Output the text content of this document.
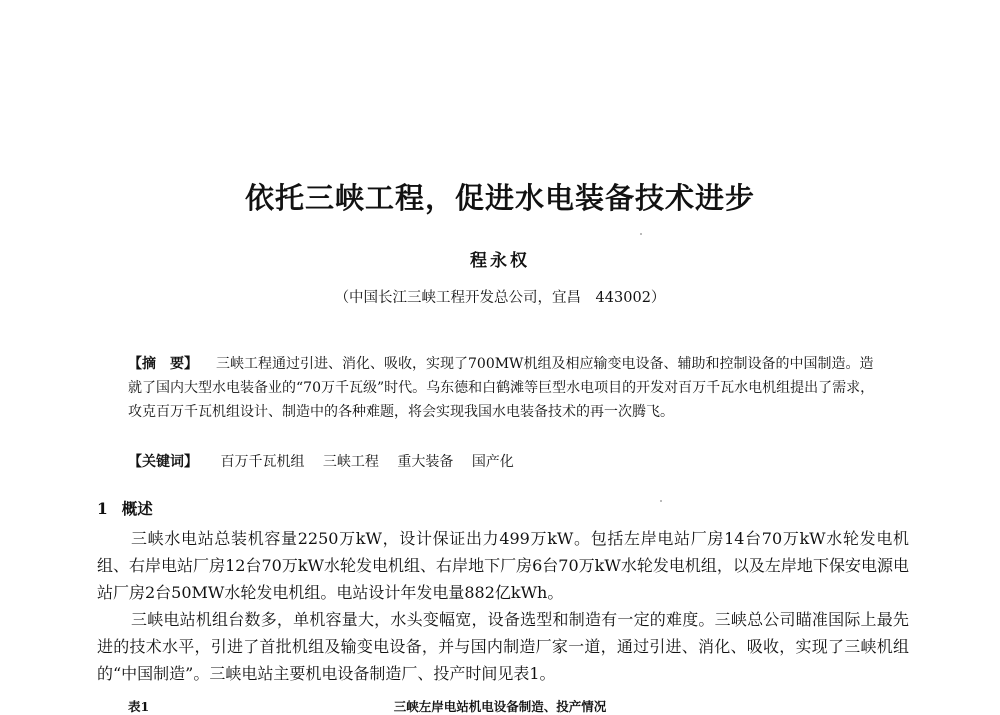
依托三峡工程，促进水电装备技术进步
程永权
（中国长江三峡工程开发总公司，宜昌　443002）
【摘　要】 三峡工程通过引进、消化、吸收，实现了700MW机组及相应输变电设备、辅助和控制设备的中国制造。造就了国内大型水电装备业的“70万千瓦级”时代。乌东德和白鹤滩等巨型水电项目的开发对百万千瓦水电机组提出了需求，攻克百万千瓦机组设计、制造中的各种难题，将会实现我国水电装备技术的再一次腾飞。
【关键词】 百万千瓦机组 三峡工程 重大装备 国产化
1 概述
三峡水电站总装机容量2250万kW，设计保证出力499万kW。包括左岸电站厂房14台70万kW水轮发电机组、右岸电站厂房12台70万kW水轮发电机组、右岸地下厂房6台70万kW水轮发电机组，以及左岸地下保安电源电站厂房2台50MW水轮发电机组。电站设计年发电量882亿kWh。
三峡电站机组台数多，单机容量大，水头变幅宽，设备选型和制造有一定的难度。三峡总公司瞄准国际上最先进的技术水平，引进了首批机组及输变电设备，并与国内制造厂家一道，通过引进、消化、吸收，实现了三峡机组的“中国制造”。三峡电站主要机电设备制造厂、投产时间见表1。
表1	三峡左岸电站机电设备制造、投产情况
